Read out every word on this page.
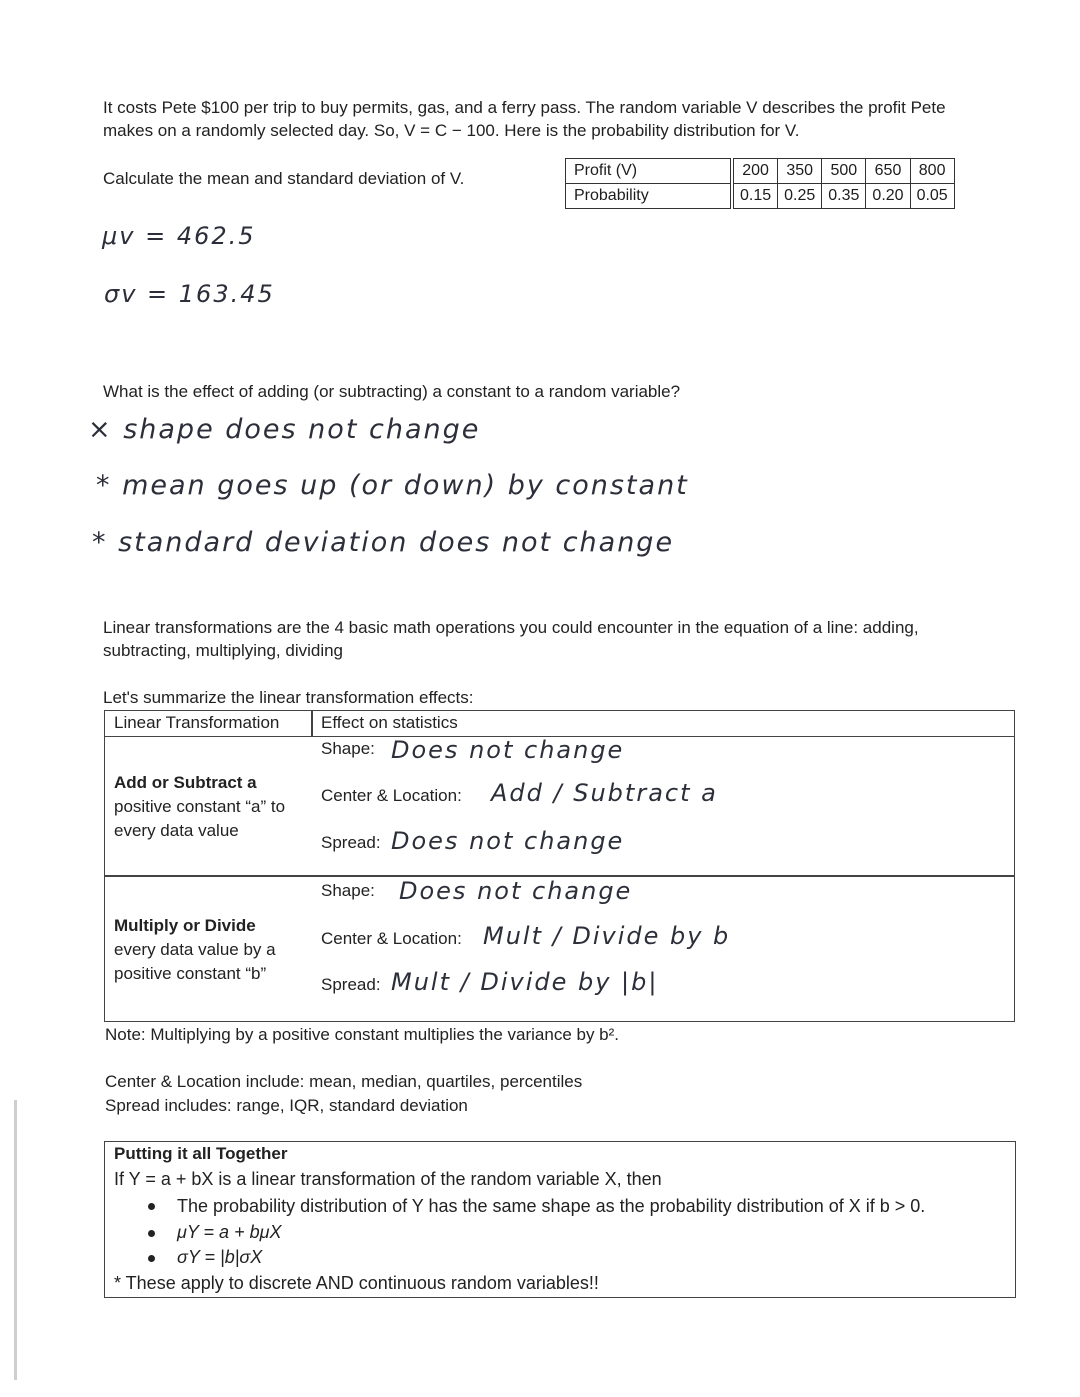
It costs Pete $100 per trip to buy permits, gas, and a ferry pass. The random variable V describes the profit Pete
makes on a randomly selected day. So, V = C − 100. Here is the probability distribution for V.
Calculate the mean and standard deviation of V.	Profit (V)		200	350	500	650	800
Probability		0.15	0.25	0.35	0.20	0.05
μv = 462.5
σv = 163.45
What is the effect of adding (or subtracting) a constant to a random variable?
× shape does not change
* mean goes up (or down) by constant
* standard deviation does not change
Linear transformations are the 4 basic math operations you could encounter in the equation of a line: adding,
subtracting, multiplying, dividing
Let's summarize the linear transformation effects:
Linear Transformation Effect on statistics
Add or Subtract a
positive constant “a” to
every data value
Shape: Does not change
Center & Location: Add / Subtract a
Spread: Does not change
Multiply or Divide
every data value by a
positive constant “b”
Shape: Does not change
Center & Location: Mult / Divide by b
Spread: Mult / Divide by |b|
Note: Multiplying by a positive constant multiplies the variance by b².
Center & Location include: mean, median, quartiles, percentiles
Spread includes: range, IQR, standard deviation
Putting it all Together
If Y = a + bX is a linear transformation of the random variable X, then
The probability distribution of Y has the same shape as the probability distribution of X if b > 0.
μY = a + bμX
σY = |b|σX
* These apply to discrete AND continuous random variables!!
